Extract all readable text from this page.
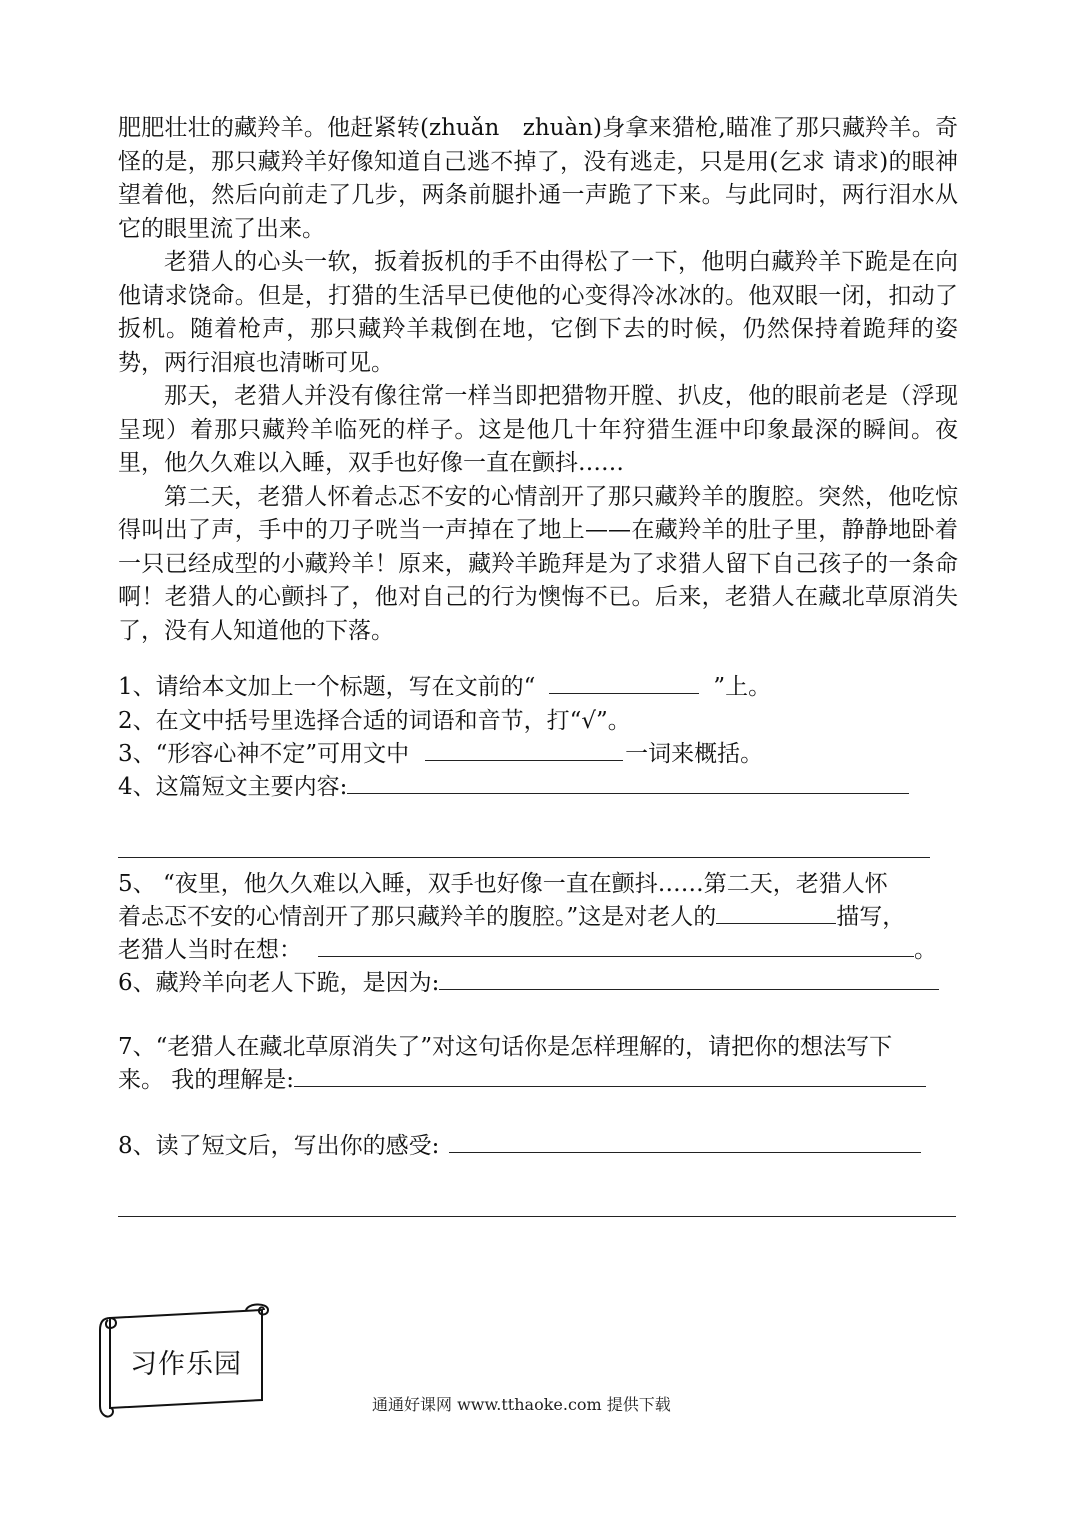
肥肥壮壮的藏羚羊。他赶紧转(zhuǎn　zhuàn)身拿来猎枪,瞄准了那只藏羚羊。奇怪的是，那只藏羚羊好像知道自己逃不掉了，没有逃走，只是用(乞求 请求)的眼神望着他，然后向前走了几步，两条前腿扑通一声跪了下来。与此同时，两行泪水从它的眼里流了出来。

老猎人的心头一软，扳着扳机的手不由得松了一下，他明白藏羚羊下跪是在向他请求饶命。但是，打猎的生活早已使他的心变得冷冰冰的。他双眼一闭，扣动了扳机。随着枪声，那只藏羚羊栽倒在地，它倒下去的时候，仍然保持着跪拜的姿势，两行泪痕也清晰可见。

那天，老猎人并没有像往常一样当即把猎物开膛、扒皮，他的眼前老是（浮现 呈现）着那只藏羚羊临死的样子。这是他几十年狩猎生涯中印象最深的瞬间。夜里，他久久难以入睡，双手也好像一直在颤抖……

第二天，老猎人怀着忐忑不安的心情剖开了那只藏羚羊的腹腔。突然，他吃惊得叫出了声，手中的刀子咣当一声掉在了地上——在藏羚羊的肚子里，静静地卧着一只已经成型的小藏羚羊！原来，藏羚羊跪拜是为了求猎人留下自己孩子的一条命啊！老猎人的心颤抖了，他对自己的行为懊悔不已。后来，老猎人在藏北草原消失了，没有人知道他的下落。

1、请给本文加上一个标题，写在文前的“	”上。
2、在文中括号里选择合适的词语和音节，打“√”。
3、“形容心神不定”可用文中	一词来概括。
4、这篇短文主要内容:
5、 “夜里，他久久难以入睡，双手也好像一直在颤抖……第二天，老猎人怀
着忐忑不安的心情剖开了那只藏羚羊的腹腔。”这是对老人的	描写，
老猎人当时在想：	。
6、藏羚羊向老人下跪，是因为:
7、“老猎人在藏北草原消失了”对这句话你是怎样理解的，请把你的想法写下
来。 我的理解是:
8、读了短文后，写出你的感受:
习作乐园
通通好课网 www.tthaoke.com 提供下载
